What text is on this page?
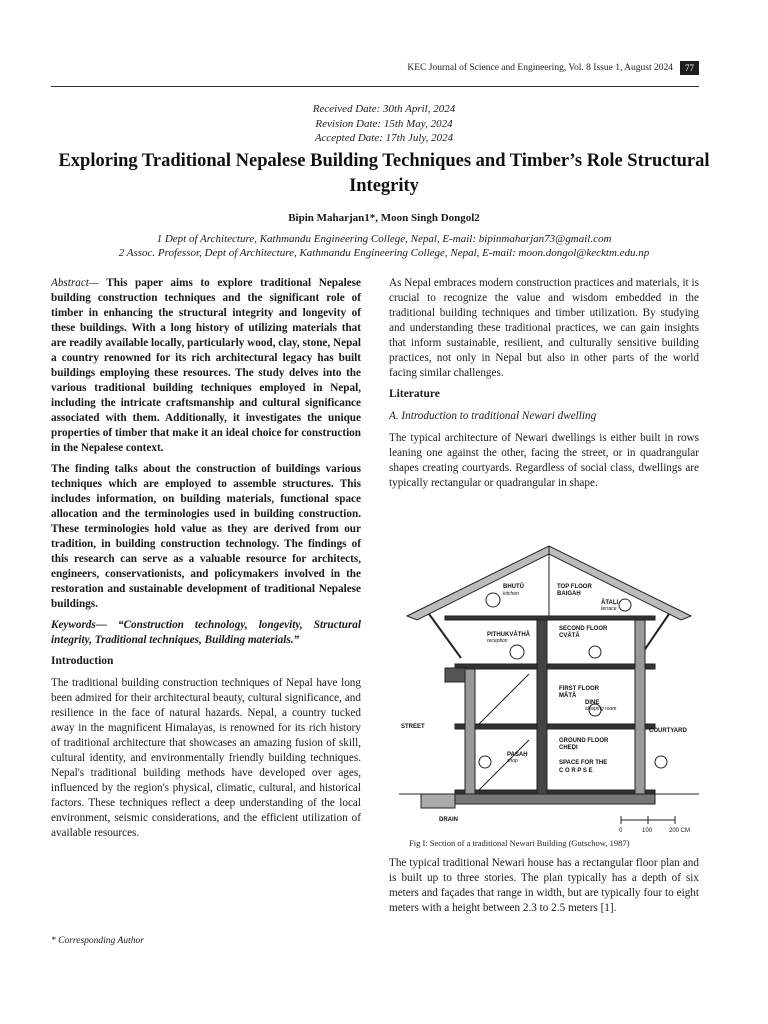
KEC Journal of Science and Engineering, Vol. 8 Issue 1, August 2024	77
Received Date: 30th April, 2024
Revision Date: 15th May, 2024
Accepted Date: 17th July, 2024
Exploring Traditional Nepalese Building Techniques and Timber’s Role Structural Integrity
Bipin Maharjan1*, Moon Singh Dongol2
1 Dept of Architecture, Kathmandu Engineering College, Nepal, E-mail: bipinmaharjan73@gmail.com
2 Assoc. Professor, Dept of Architecture, Kathmandu Engineering College, Nepal, E-mail: moon.dongol@kecktm.edu.np

Abstract— This paper aims to explore traditional Nepalese building construction techniques and the significant role of timber in enhancing the structural integrity and longevity of these buildings. With a long history of utilizing materials that are readily available locally, particularly wood, clay, stone, Nepal a country renowned for its rich architectural legacy has built buildings employing these resources. The study delves into the various traditional building techniques employed in Nepal, including the intricate craftsmanship and cultural significance associated with them. Additionally, it investigates the unique properties of timber that make it an ideal choice for construction in the Nepalese context.

The finding talks about the construction of buildings various techniques which are employed to assemble structures. This includes information, on building materials, functional space allocation and the terminologies used in building construction. These terminologies hold value as they are derived from our tradition, in building construction technology. The findings of this research can serve as a valuable resource for architects, engineers, conservationists, and policymakers involved in the restoration and sustainable development of traditional Nepalese buildings.

Keywords— “Construction technology, longevity, Structural integrity, Traditional techniques, Building materials.”

Introduction

The traditional building construction techniques of Nepal have long been admired for their architectural beauty, cultural significance, and resilience in the face of natural hazards. Nepal, a country tucked away in the magnificent Himalayas, is renowned for its rich history of traditional architecture that showcases an amazing fusion of skill, cultural identity, and environmentally friendly building techniques. Nepal's traditional building methods have developed over ages, influenced by the region's physical, climatic, cultural, and historical factors. These techniques reflect a deep understanding of the local environment, seismic considerations, and the efficient utilization of available resources.

* Corresponding Author

As Nepal embraces modern construction practices and materials, it is crucial to recognize the value and wisdom embedded in the traditional building techniques and timber utilization. By studying and understanding these traditional practices, we can gain insights that inform sustainable, resilient, and culturally sensitive building practices, not only in Nepal but also in other parts of the world facing similar challenges.

Literature
A. Introduction to traditional Newari dwelling

The typical architecture of Newari dwellings is either built in rows leaning one against the other, facing the street, or in quadrangular shapes creating courtyards. Regardless of social class, dwellings are typically rectangular or quadrangular in shape.

BHUTŪ
kitchen
TOP FLOOR
BAIGAḤ
ĀTAḶI
terrace
SECOND FLOOR
CVĀTĀ
PITHUKVĀTHĀ
reception
FIRST FLOOR
MĀTĀ
DINE
sleeping room
STREET
COURTYARD
GROUND FLOOR
CHEḌI
PASAḤ
shop	SPACE FOR THE
C O R P S E
DRAIN
0	100	200 CM
Fig I: Section of a traditional Newari Building (Gutschow, 1987)

The typical traditional Newari house has a rectangular floor plan and is built up to three stories. The plan typically has a depth of six meters and façades that range in width, but are typically four to eight meters with a height between 2.3 to 2.5 meters [1].
